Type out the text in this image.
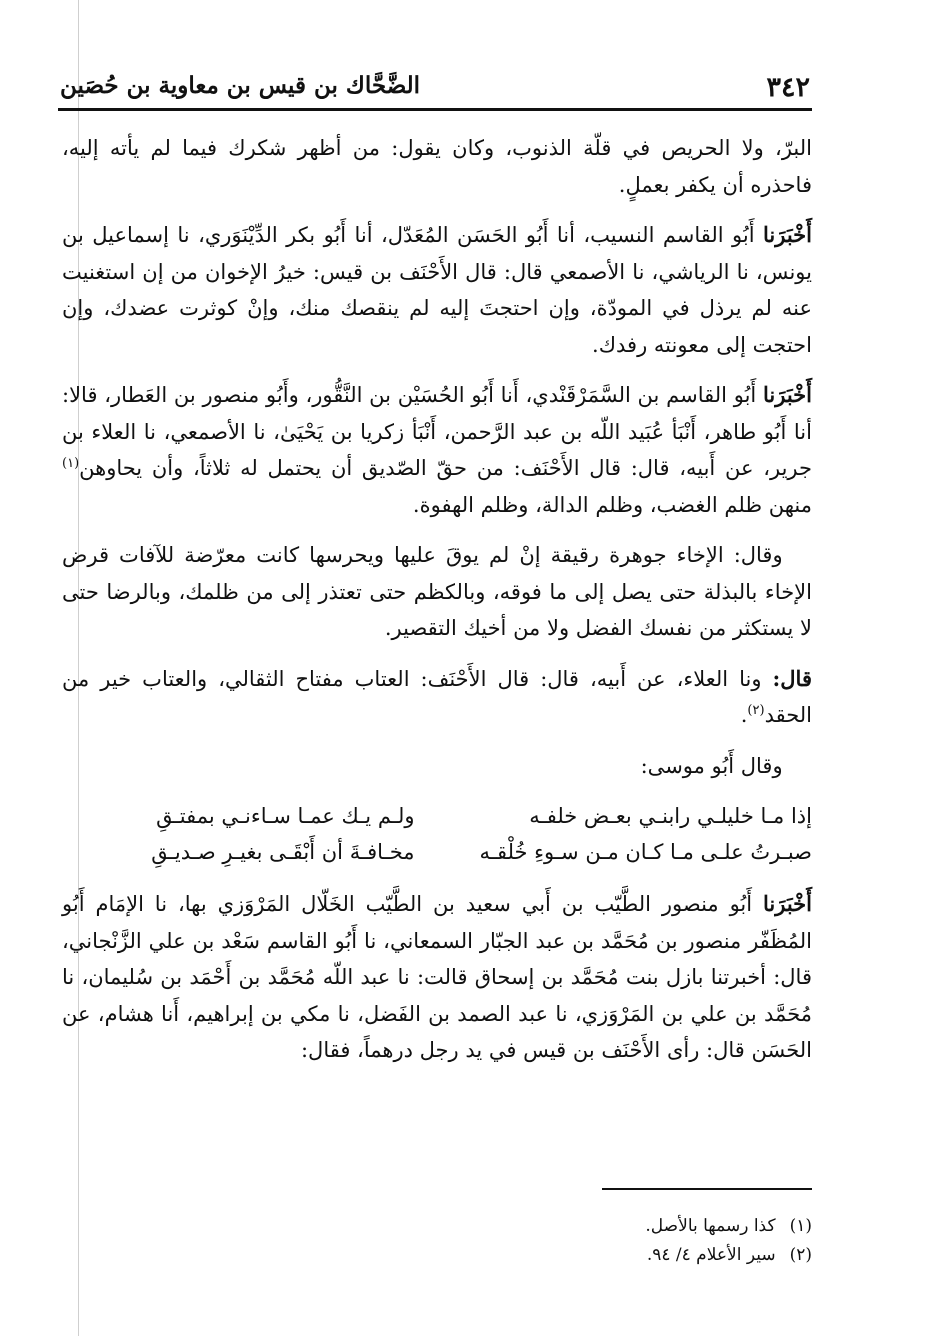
٣٤٢
الضَّحَّاك بن قيس بن معاوية بن حُصَين

البرّ، ولا الحريص في قلّة الذنوب، وكان يقول: من أظهر شكرك فيما لم يأته إليه، فاحذره أن يكفر بعملٍ.

أَخْبَرَنا أَبُو القاسم النسيب، أنا أَبُو الحَسَن المُعَدّل، أنا أَبُو بكر الدِّيْنَوَري، نا إسماعيل بن يونس، نا الرياشي، نا الأصمعي قال: قال الأَحْنَف بن قيس: خيرُ الإخوان من إن استغنيت عنه لم يرذل في المودّة، وإن احتجتَ إليه لم ينقصك منك، وإنْ كوثرت عضدك، وإن احتجت إلى معونته رفدك.

أَخْبَرَنا أَبُو القاسم بن السَّمَرْقَنْدي، أَنا أَبُو الحُسَيْن بن النَّقُّور، وأَبُو منصور بن العَطار، قالا: أنا أَبُو طاهر، أَنْبَأ عُبَيد اللّه بن عبد الرَّحمن، أَنْبَأ زكريا بن يَحْيَىٰ، نا الأصمعي، نا العلاء بن جرير، عن أَبيه، قال: قال الأَحْنَف: من حقّ الصّديق أن يحتمل له ثلاثاً، وأن يحاوهن$^{(١)}$ منهن ظلم الغضب، وظلم الدالة، وظلم الهفوة.

وقال: الإخاء جوهرة رقيقة إنْ لم يوقَ عليها ويحرسها كانت معرّضة للآفات قرض الإخاء بالبذلة حتى يصل إلى ما فوقه، وبالكظم حتى تعتذر إلى من ظلمك، وبالرضا حتى لا يستكثر من نفسك الفضل ولا من أخيك التقصير.

قال: ونا العلاء، عن أَبيه، قال: قال الأَحْنَف: العتاب مفتاح الثقالي، والعتاب خير من الحقد$^{(٢)}$.

وقال أَبُو موسى:

إذا مـا خليلـي رابنـي بعـض خلفـه
ولـم يـك عمـا سـاءنـي بمفتـقِ
صبـرتُ علـى مـا كـان مـن سـوءِ خُلْقـه
مخـافـةَ أن أَبْقَـى بغيـرِ صـديـقِ

أَخْبَرَنا أَبُو منصور الطَّيّب بن أَبي سعيد بن الطَّيّب الخَلّال المَرْوَزي بها، نا الإمَام أَبُو المُظَفّر منصور بن مُحَمَّد بن عبد الجبّار السمعاني، نا أَبُو القاسم سَعْد بن علي الزَّنْجاني، قال: أخبرتنا بازل بنت مُحَمَّد بن إسحاق قالت: نا عبد اللّه مُحَمَّد بن أَحْمَد بن سُليمان، نا مُحَمَّد بن علي بن المَرْوَزي، نا عبد الصمد بن الفَضل، نا مكي بن إبراهيم، أَنا هشام، عن الحَسَن قال: رأى الأَحْنَف بن قيس في يد رجل درهماً، فقال:

(١)
كذا رسمها بالأصل.
(٢)
سير الأعلام ٤/ ٩٤.
